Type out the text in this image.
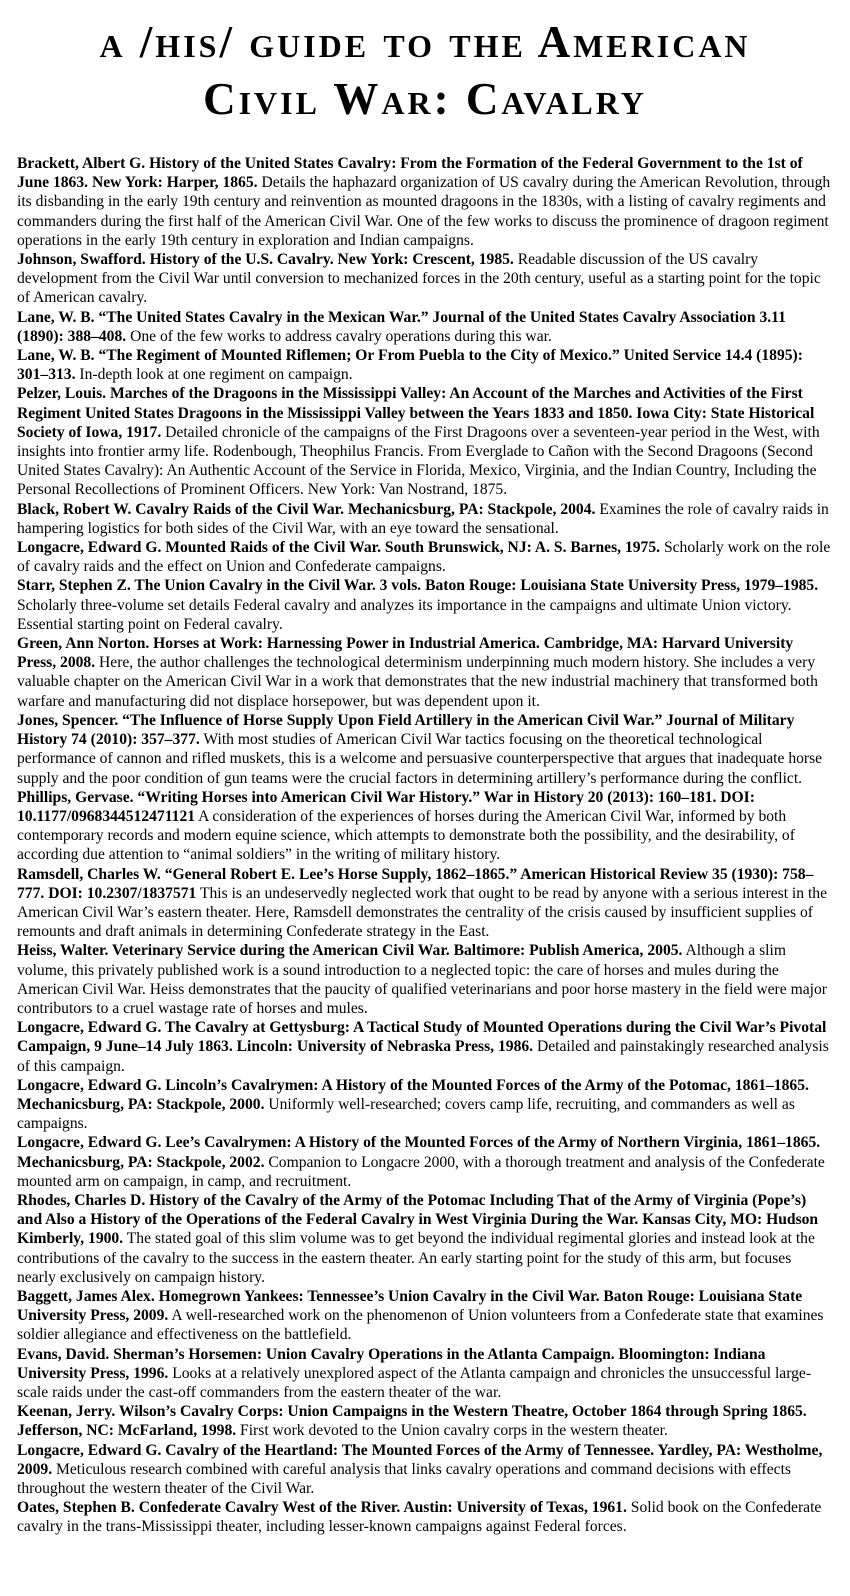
a /his/ guide to the American
Civil War: Cavalry

Brackett, Albert G. History of the United States Cavalry: From the Formation of the Federal Government to the 1st of June 1863. New York: Harper, 1865. Details the haphazard organization of US cavalry during the American Revolution, through its disbanding in the early 19th century and reinvention as mounted dragoons in the 1830s, with a listing of cavalry regiments and commanders during the first half of the American Civil War. One of the few works to discuss the prominence of dragoon regiment operations in the early 19th century in exploration and Indian campaigns.

Johnson, Swafford. History of the U.S. Cavalry. New York: Crescent, 1985. Readable discussion of the US cavalry development from the Civil War until conversion to mechanized forces in the 20th century, useful as a starting point for the topic of American cavalry.

Lane, W. B. “The United States Cavalry in the Mexican War.” Journal of the United States Cavalry Association 3.11 (1890): 388–408. One of the few works to address cavalry operations during this war.

Lane, W. B. “The Regiment of Mounted Riflemen; Or From Puebla to the City of Mexico.” United Service 14.4 (1895): 301–313. In-depth look at one regiment on campaign.

Pelzer, Louis. Marches of the Dragoons in the Mississippi Valley: An Account of the Marches and Activities of the First Regiment United States Dragoons in the Mississippi Valley between the Years 1833 and 1850. Iowa City: State Historical Society of Iowa, 1917. Detailed chronicle of the campaigns of the First Dragoons over a seventeen-year period in the West, with insights into frontier army life. Rodenbough, Theophilus Francis. From Everglade to Cañon with the Second Dragoons (Second United States Cavalry): An Authentic Account of the Service in Florida, Mexico, Virginia, and the Indian Country, Including the Personal Recollections of Prominent Officers. New York: Van Nostrand, 1875.

Black, Robert W. Cavalry Raids of the Civil War. Mechanicsburg, PA: Stackpole, 2004. Examines the role of cavalry raids in hampering logistics for both sides of the Civil War, with an eye toward the sensational.

Longacre, Edward G. Mounted Raids of the Civil War. South Brunswick, NJ: A. S. Barnes, 1975. Scholarly work on the role of cavalry raids and the effect on Union and Confederate campaigns.

Starr, Stephen Z. The Union Cavalry in the Civil War. 3 vols. Baton Rouge: Louisiana State University Press, 1979–1985. Scholarly three-volume set details Federal cavalry and analyzes its importance in the campaigns and ultimate Union victory. Essential starting point on Federal cavalry.

Green, Ann Norton. Horses at Work: Harnessing Power in Industrial America. Cambridge, MA: Harvard University Press, 2008. Here, the author challenges the technological determinism underpinning much modern history. She includes a very valuable chapter on the American Civil War in a work that demonstrates that the new industrial machinery that transformed both warfare and manufacturing did not displace horsepower, but was dependent upon it.

Jones, Spencer. “The Influence of Horse Supply Upon Field Artillery in the American Civil War.” Journal of Military History 74 (2010): 357–377. With most studies of American Civil War tactics focusing on the theoretical technological performance of cannon and rifled muskets, this is a welcome and persuasive counterperspective that argues that inadequate horse supply and the poor condition of gun teams were the crucial factors in determining artillery’s performance during the conflict.

Phillips, Gervase. “Writing Horses into American Civil War History.” War in History 20 (2013): 160–181. DOI: 10.1177/0968344512471121 A consideration of the experiences of horses during the American Civil War, informed by both contemporary records and modern equine science, which attempts to demonstrate both the possibility, and the desirability, of according due attention to “animal soldiers” in the writing of military history.

Ramsdell, Charles W. “General Robert E. Lee’s Horse Supply, 1862–1865.” American Historical Review 35 (1930): 758–777. DOI: 10.2307/1837571 This is an undeservedly neglected work that ought to be read by anyone with a serious interest in the American Civil War’s eastern theater. Here, Ramsdell demonstrates the centrality of the crisis caused by insufficient supplies of remounts and draft animals in determining Confederate strategy in the East.

Heiss, Walter. Veterinary Service during the American Civil War. Baltimore: Publish America, 2005. Although a slim volume, this privately published work is a sound introduction to a neglected topic: the care of horses and mules during the American Civil War. Heiss demonstrates that the paucity of qualified veterinarians and poor horse mastery in the field were major contributors to a cruel wastage rate of horses and mules.

Longacre, Edward G. The Cavalry at Gettysburg: A Tactical Study of Mounted Operations during the Civil War’s Pivotal Campaign, 9 June–14 July 1863. Lincoln: University of Nebraska Press, 1986. Detailed and painstakingly researched analysis of this campaign.

Longacre, Edward G. Lincoln’s Cavalrymen: A History of the Mounted Forces of the Army of the Potomac, 1861–1865. Mechanicsburg, PA: Stackpole, 2000. Uniformly well-researched; covers camp life, recruiting, and commanders as well as campaigns.

Longacre, Edward G. Lee’s Cavalrymen: A History of the Mounted Forces of the Army of Northern Virginia, 1861–1865. Mechanicsburg, PA: Stackpole, 2002. Companion to Longacre 2000, with a thorough treatment and analysis of the Confederate mounted arm on campaign, in camp, and recruitment.

Rhodes, Charles D. History of the Cavalry of the Army of the Potomac Including That of the Army of Virginia (Pope’s) and Also a History of the Operations of the Federal Cavalry in West Virginia During the War. Kansas City, MO: Hudson Kimberly, 1900. The stated goal of this slim volume was to get beyond the individual regimental glories and instead look at the contributions of the cavalry to the success in the eastern theater. An early starting point for the study of this arm, but focuses nearly exclusively on campaign history.

Baggett, James Alex. Homegrown Yankees: Tennessee’s Union Cavalry in the Civil War. Baton Rouge: Louisiana State University Press, 2009. A well-researched work on the phenomenon of Union volunteers from a Confederate state that examines soldier allegiance and effectiveness on the battlefield.

Evans, David. Sherman’s Horsemen: Union Cavalry Operations in the Atlanta Campaign. Bloomington: Indiana University Press, 1996. Looks at a relatively unexplored aspect of the Atlanta campaign and chronicles the unsuccessful large-scale raids under the cast-off commanders from the eastern theater of the war.

Keenan, Jerry. Wilson’s Cavalry Corps: Union Campaigns in the Western Theatre, October 1864 through Spring 1865. Jefferson, NC: McFarland, 1998. First work devoted to the Union cavalry corps in the western theater.

Longacre, Edward G. Cavalry of the Heartland: The Mounted Forces of the Army of Tennessee. Yardley, PA: Westholme, 2009. Meticulous research combined with careful analysis that links cavalry operations and command decisions with effects throughout the western theater of the Civil War.

Oates, Stephen B. Confederate Cavalry West of the River. Austin: University of Texas, 1961. Solid book on the Confederate cavalry in the trans-Mississippi theater, including lesser-known campaigns against Federal forces.
